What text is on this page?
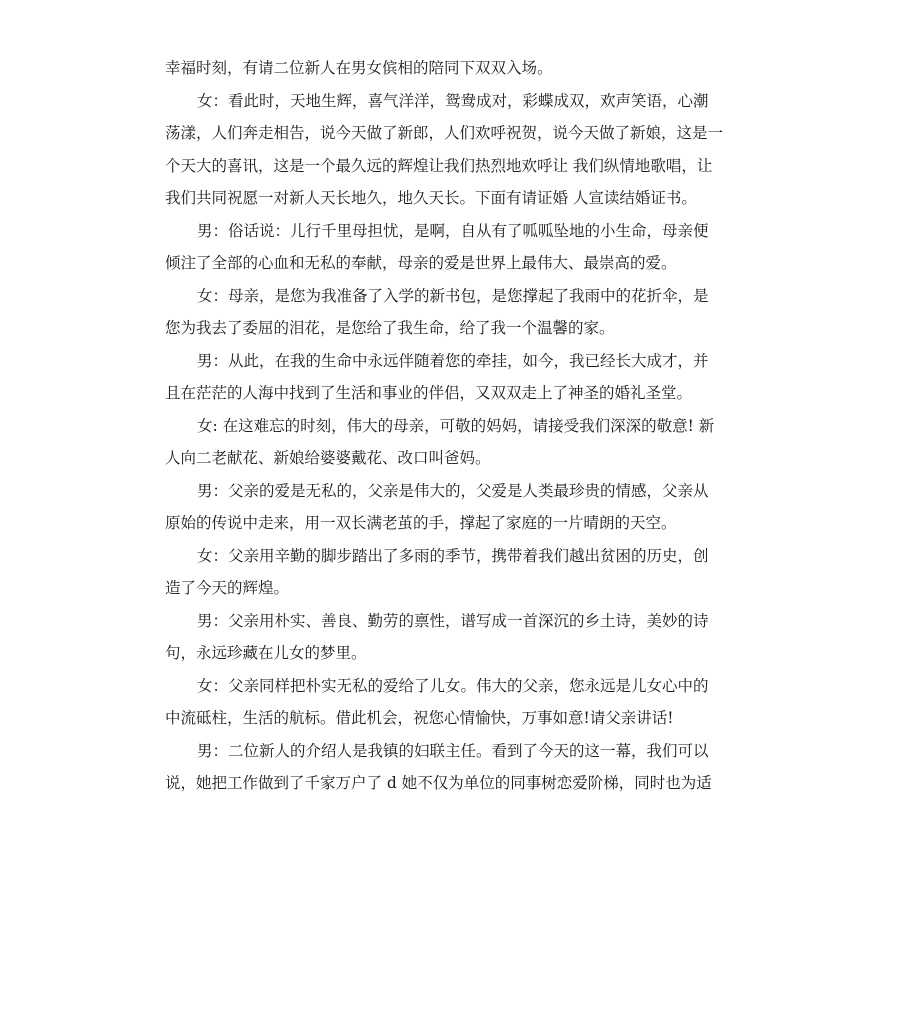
幸福时刻，有请二位新人在男女傧相的陪同下双双入场。
女：看此时，天地生辉，喜气洋洋，鸳鸯成对，彩蝶成双，欢声笑语，心潮
荡漾，人们奔走相告，说今天做了新郎，人们欢呼祝贺，说今天做了新娘，这是一
个天大的喜讯，这是一个最久远的辉煌让我们热烈地欢呼让 我们纵情地歌唱，让
我们共同祝愿一对新人天长地久，地久天长。下面有请证婚 人宣读结婚证书。
男：俗话说：儿行千里母担忧，是啊，自从有了呱呱坠地的小生命，母亲便
倾注了全部的心血和无私的奉献，母亲的爱是世界上最伟大、最崇高的爱。
女：母亲，是您为我准备了入学的新书包，是您撑起了我雨中的花折伞，是
您为我去了委屈的泪花，是您给了我生命，给了我一个温馨的家。
男：从此，在我的生命中永远伴随着您的牵挂，如今，我已经长大成才，并
且在茫茫的人海中找到了生活和事业的伴侣，又双双走上了神圣的婚礼圣堂。
女: 在这难忘的时刻，伟大的母亲，可敬的妈妈，请接受我们深深的敬意! 新
人向二老献花、新娘给婆婆戴花、改口叫爸妈。
男：父亲的爱是无私的，父亲是伟大的，父爱是人类最珍贵的情感，父亲从
原始的传说中走来，用一双长满老茧的手，撑起了家庭的一片晴朗的天空。
女：父亲用辛勤的脚步踏出了多雨的季节，携带着我们越出贫困的历史，创
造了今天的辉煌。
男：父亲用朴实、善良、勤劳的禀性，谱写成一首深沉的乡土诗，美妙的诗
句，永远珍藏在儿女的梦里。
女：父亲同样把朴实无私的爱给了儿女。伟大的父亲，您永远是儿女心中的
中流砥柱，生活的航标。借此机会，祝您心情愉快，万事如意!请父亲讲话!
男：二位新人的介绍人是我镇的妇联主任。看到了今天的这一幕，我们可以
说，她把工作做到了千家万户了 d 她不仅为单位的同事树恋爱阶梯，同时也为适
